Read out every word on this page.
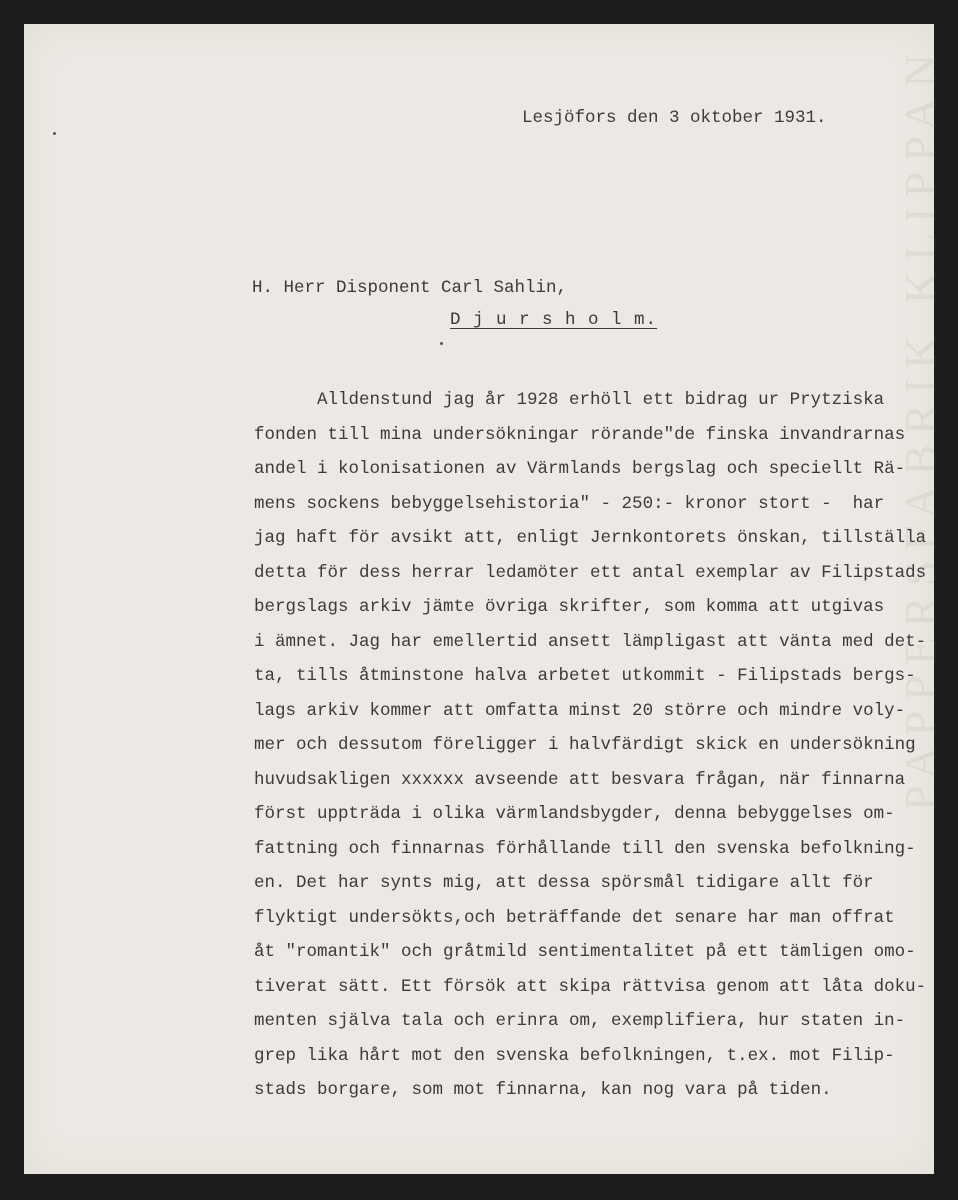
PAPPERSFABRIK KLIPPAN
Lesjöfors den 3 oktober 1931.
H. Herr Disponent Carl Sahlin,
D j u r s h o l m.
Alldenstund jag år 1928 erhöll ett bidrag ur Prytziska
fonden till mina undersökningar rörande"de finska invandrarnas
andel i kolonisationen av Värmlands bergslag och speciellt Rä-
mens sockens bebyggelsehistoria" - 250:- kronor stort -  har
jag haft för avsikt att, enligt Jernkontorets önskan, tillställa
detta för dess herrar ledamöter ett antal exemplar av Filipstads
bergslags arkiv jämte övriga skrifter, som komma att utgivas
i ämnet. Jag har emellertid ansett lämpligast att vänta med det-
ta, tills åtminstone halva arbetet utkommit - Filipstads bergs-
lags arkiv kommer att omfatta minst 20 större och mindre voly-
mer och dessutom föreligger i halvfärdigt skick en undersökning
huvudsakligen xxxxxx avseende att besvara frågan, när finnarna
först uppträda i olika värmlandsbygder, denna bebyggelses om-
fattning och finnarnas förhållande till den svenska befolkning-
en. Det har synts mig, att dessa spörsmål tidigare allt för
flyktigt undersökts,och beträffande det senare har man offrat
åt "romantik" och gråtmild sentimentalitet på ett tämligen omo-
tiverat sätt. Ett försök att skipa rättvisa genom att låta doku-
menten själva tala och erinra om, exemplifiera, hur staten in-
grep lika hårt mot den svenska befolkningen, t.ex. mot Filip-
stads borgare, som mot finnarna, kan nog vara på tiden.
